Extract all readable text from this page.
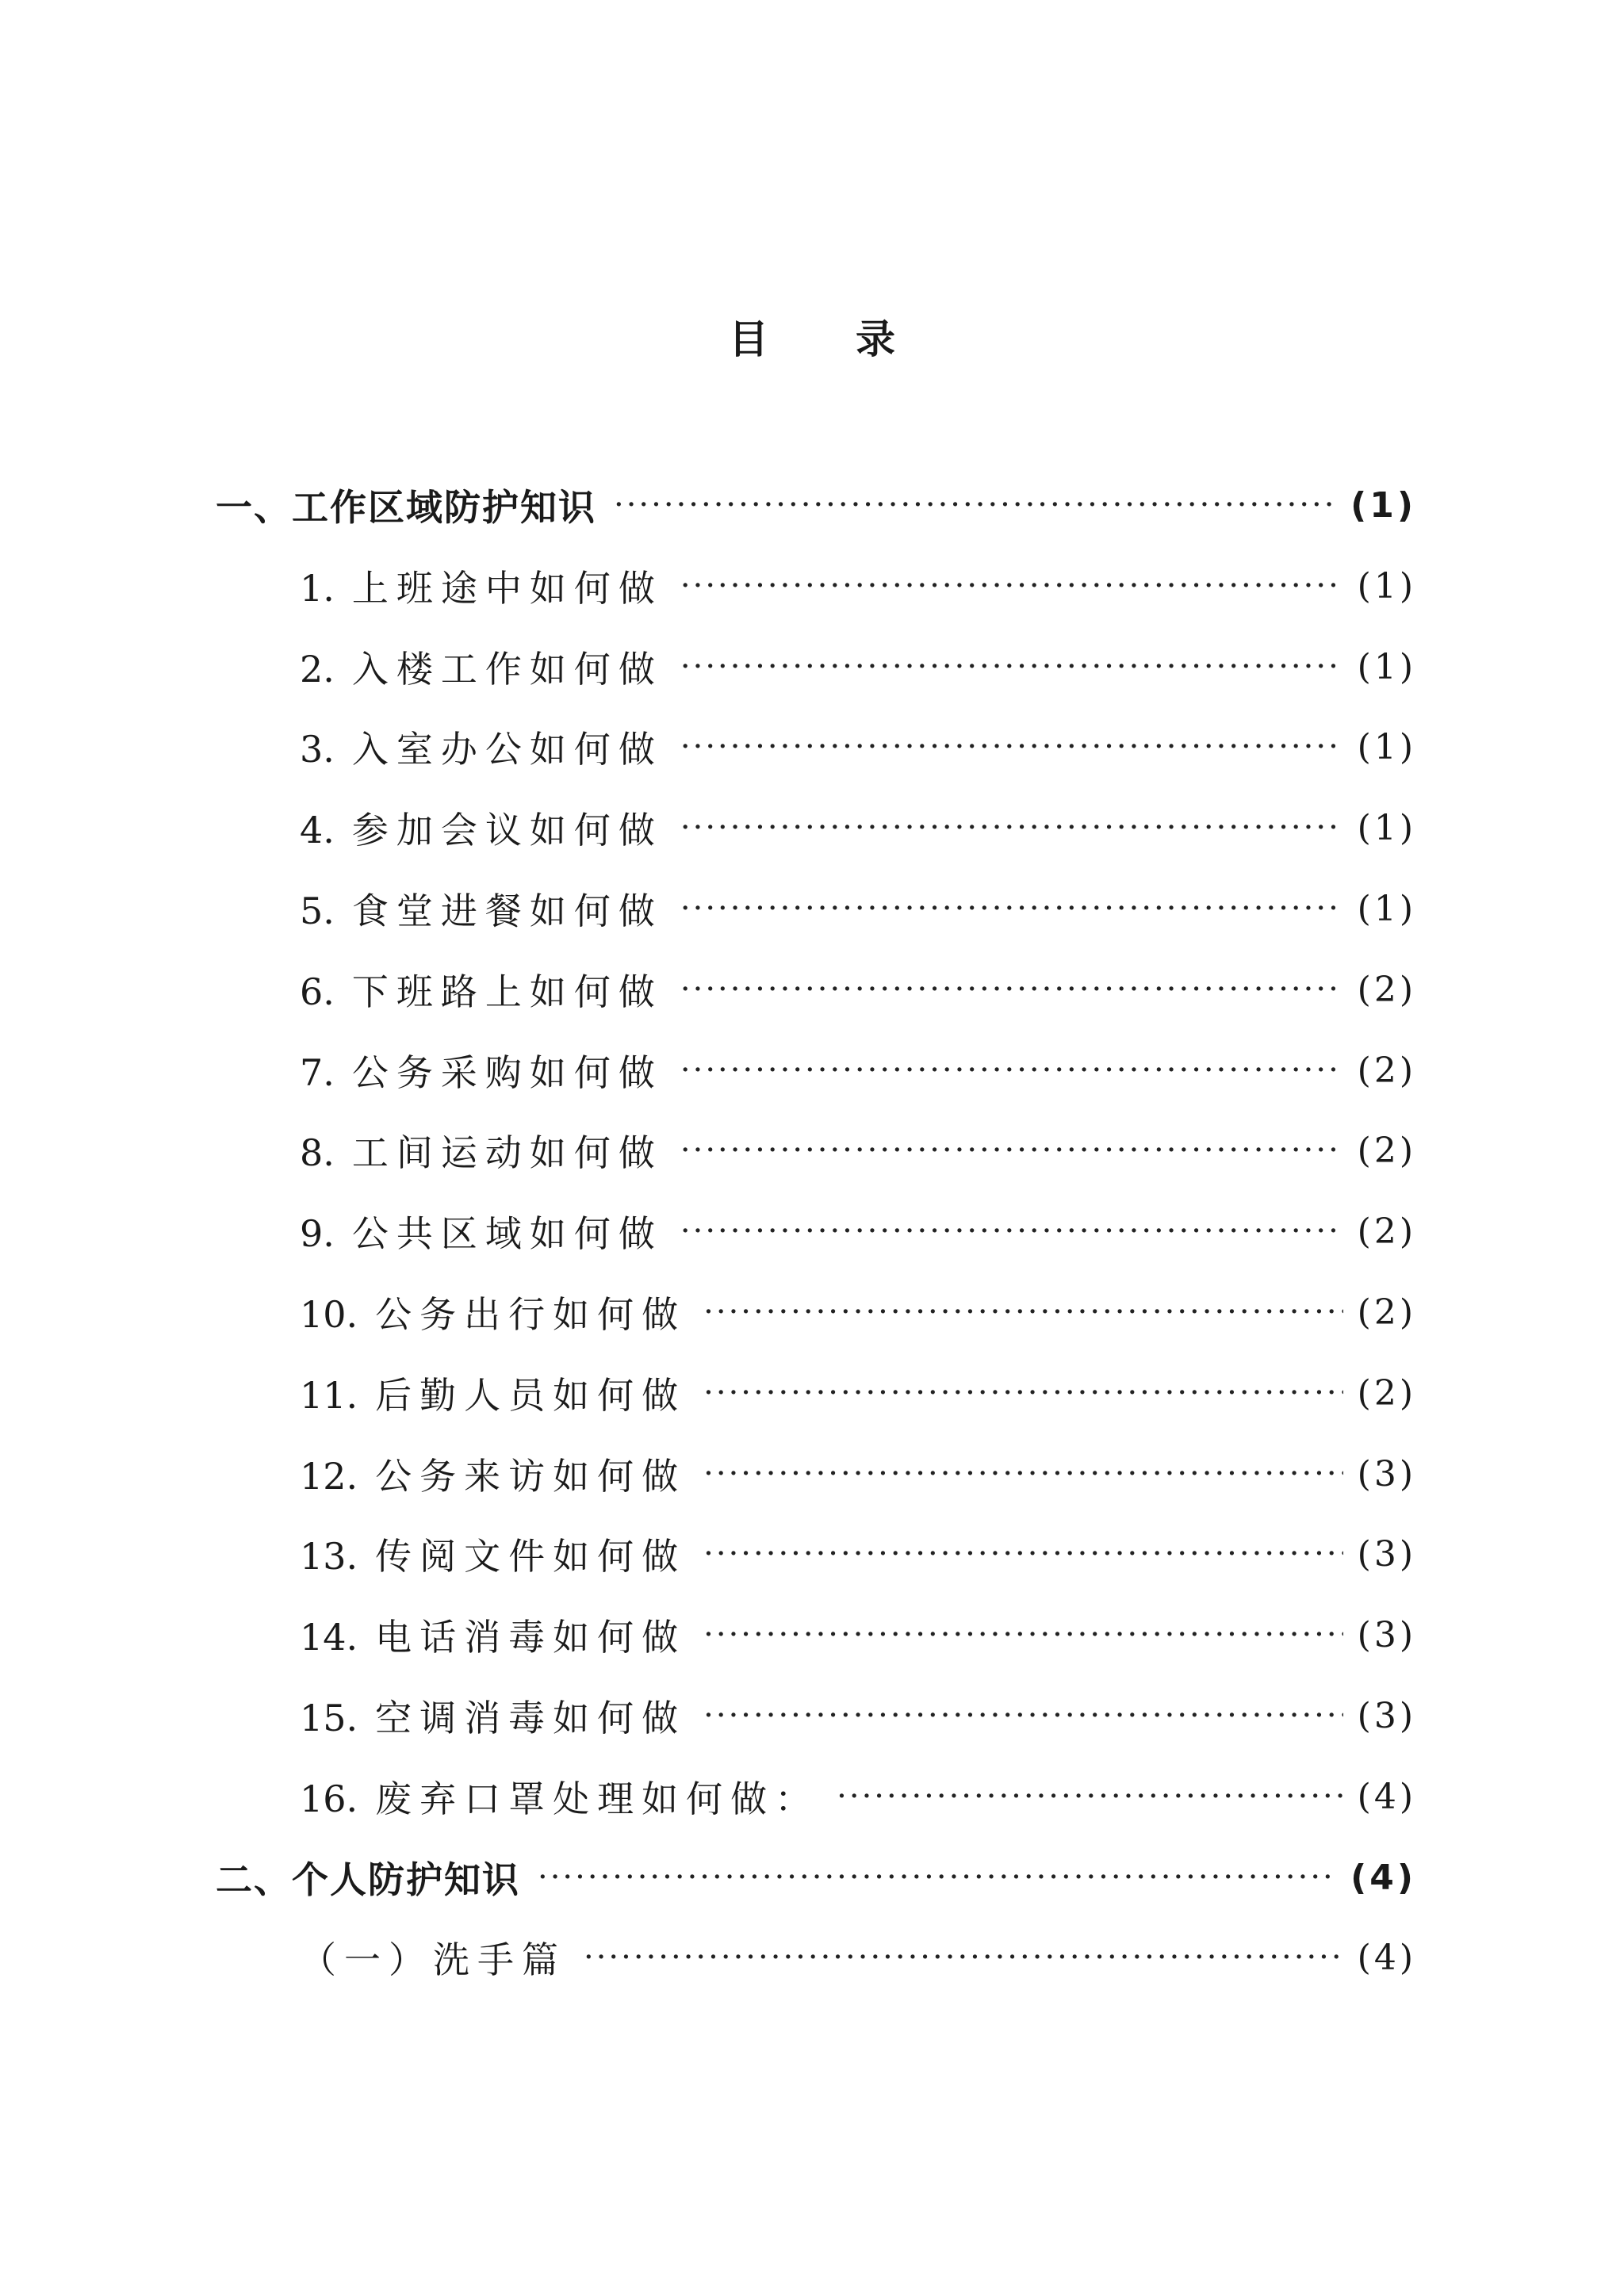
目 录
一、工作区域防护知识 ·····	(1)
1. 上班途中如何做 ·····	(1)
2. 入楼工作如何做 ·····	(1)
3. 入室办公如何做 ·····	(1)
4. 参加会议如何做 ·····	(1)
5. 食堂进餐如何做 ·····	(1)
6. 下班路上如何做 ·····	(2)
7. 公务采购如何做 ·····	(2)
8. 工间运动如何做 ·····	(2)
9. 公共区域如何做 ·····	(2)
10. 公务出行如何做 ·····	(2)
11. 后勤人员如何做 ·····	(2)
12. 公务来访如何做 ·····	(3)
13. 传阅文件如何做 ·····	(3)
14. 电话消毒如何做 ·····	(3)
15. 空调消毒如何做 ·····	(3)
16. 废弃口罩处理如何做： ·····	(4)
二、个人防护知识 ·····	(4)
（一）洗手篇 ·····	(4)
